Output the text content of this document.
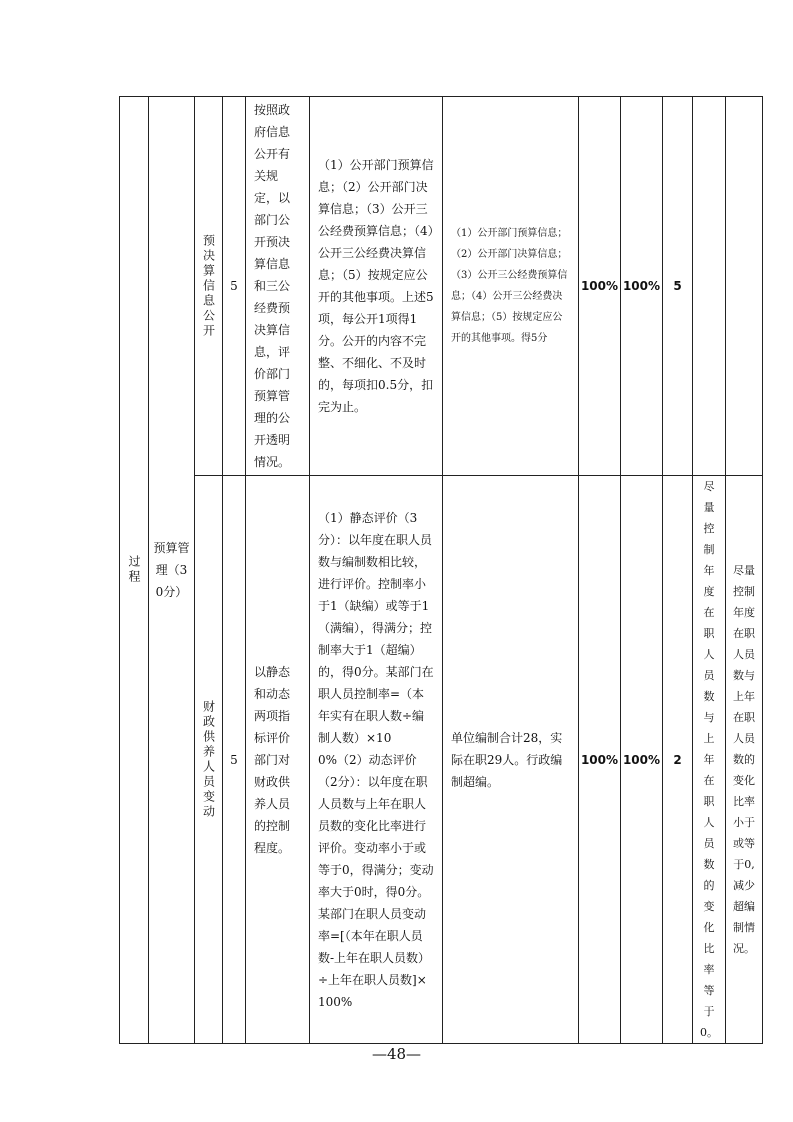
过程	预算管理（30分）	预决算信息公开	5	按照政府信息公开有关规定，以部门公开预决算信息和三公经费预决算信息，评价部门预算管理的公开透明情况。	（1）公开部门预算信息；（2）公开部门决算信息；（3）公开三公经费预算信息；（4）公开三公经费决算信息；（5）按规定应公开的其他事项。上述5项，每公开1项得1分。公开的内容不完整、不细化、不及时的，每项扣0.5分，扣完为止。	（1）公开部门预算信息；（2）公开部门决算信息；（3）公开三公经费预算信息；（4）公开三公经费决算信息；（5）按规定应公开的其他事项。得5分	100%	100%	5		

		财政供养人员变动	5	以静态和动态两项指标评价部门对财政供养人员的控制程度。	（1）静态评价（3分）：以年度在职人员数与编制数相比较，进行评价。控制率小于1（缺编）或等于1（满编），得满分；控制率大于1（超编）的，得0分。某部门在职人员控制率=（本年实有在职人数÷编制人数）×100%（2）动态评价（2分）：以年度在职人员数与上年在职人员数的变化比率进行评价。变动率小于或等于0，得满分；变动率大于0时，得0分。某部门在职人员变动率=[（本年在职人员数-上年在职人员数）÷上年在职人员数]×100%	单位编制合计28，实际在职29人。行政编制超编。	100%	100%	2	尽量控制年度在职人员数与上年在职人员数的变化比率等于0。	尽量控制年度在职人员数与上年在职人员数的变化比率小于或等于0,减少超编制情况。
—48—
